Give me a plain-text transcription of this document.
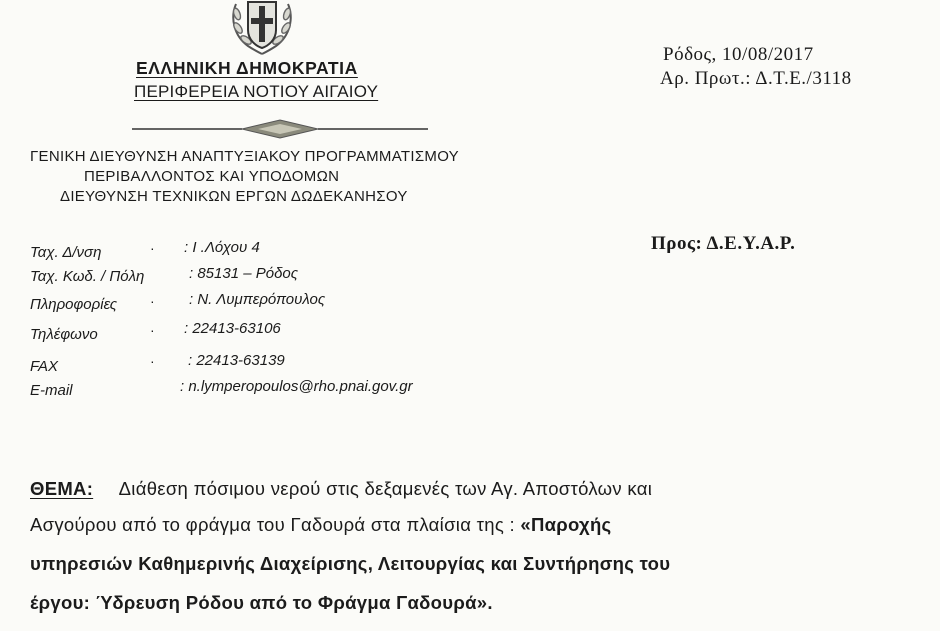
ΕΛΛΗΝΙΚΗ ΔΗΜΟΚΡΑΤΙΑ
ΠΕΡΙΦΕΡΕΙΑ ΝΟΤΙΟΥ ΑΙΓΑΙΟΥ
ΓΕΝΙΚΗ ΔΙΕΥΘΥΝΣΗ ΑΝΑΠΤΥΞΙΑΚΟΥ ΠΡΟΓΡΑΜΜΑΤΙΣΜΟΥ
ΠΕΡΙΒΑΛΛΟΝΤΟΣ ΚΑΙ ΥΠΟΔΟΜΩΝ
ΔΙΕΥΘΥΝΣΗ ΤΕΧΝΙΚΩΝ ΕΡΓΩΝ ΔΩΔΕΚΑΝΗΣΟΥ
Ρόδος, 10/08/2017
Αρ. Πρωτ.: Δ.Τ.Ε./3118
Προς: Δ.Ε.Υ.Α.Ρ.
Ταχ. Δ/νση	· : Ι .Λόχου 4
Ταχ. Κωδ. / Πόλη	: 85131 – Ρόδος
Πληροφορίες · : Ν. Λυμπερόπουλος
Τηλέφωνο	· : 22413-63106
FAX	· : 22413-63139
E-mail	: n.lymperopoulos@rho.pnai.gov.gr
ΘΕΜΑ: Διάθεση πόσιμου νερού στις δεξαμενές των Αγ. Αποστόλων και
Ασγούρου από το φράγμα του Γαδουρά στα πλαίσια της : «Παροχής
υπηρεσιών Καθημερινής Διαχείρισης, Λειτουργίας και Συντήρησης του
έργου: Ύδρευση Ρόδου από το Φράγμα Γαδουρά».
